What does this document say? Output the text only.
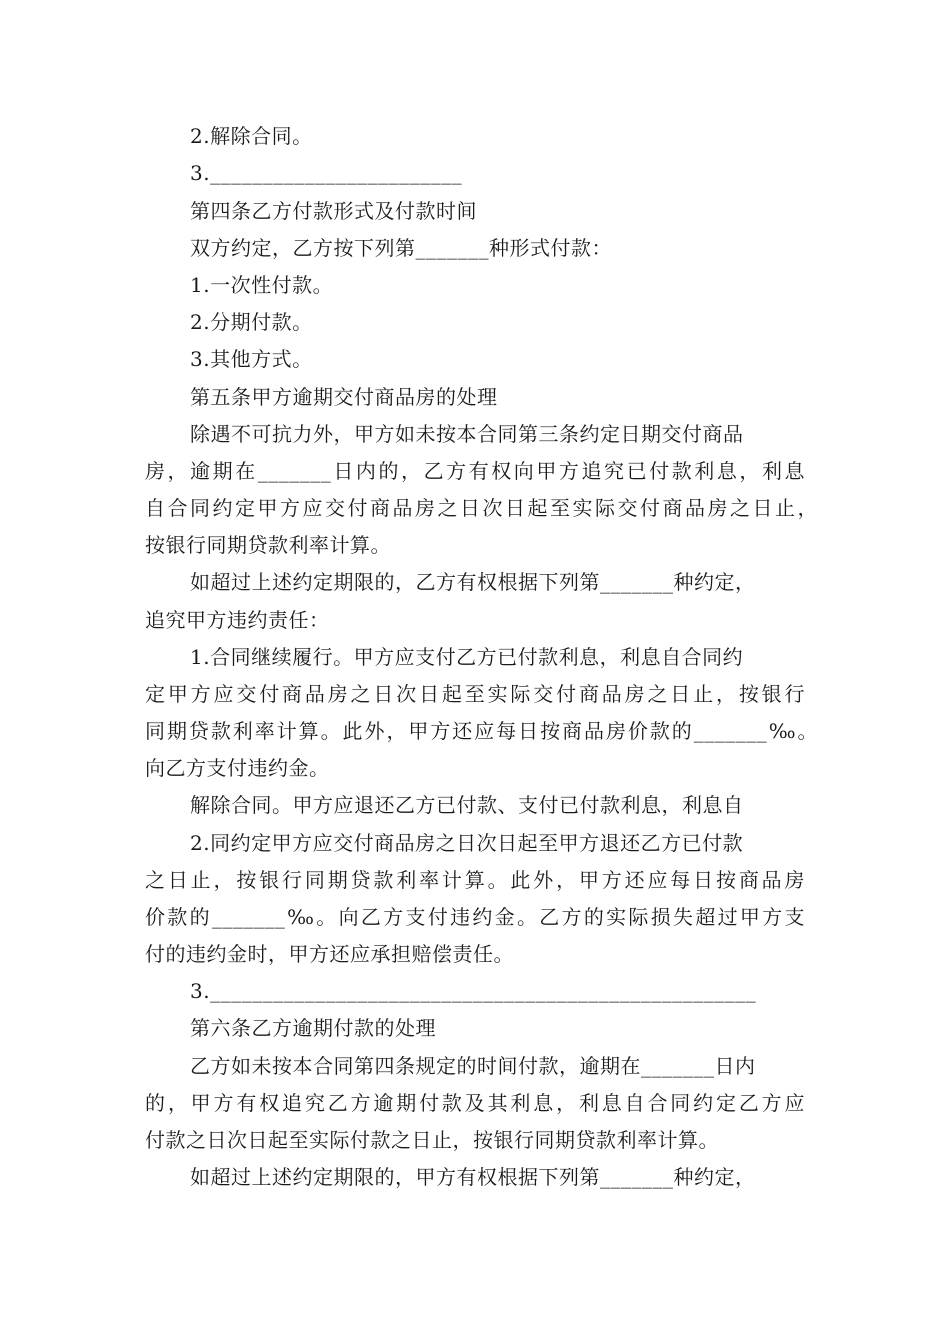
2.解除合同。
3.________________________
第四条乙方付款形式及付款时间
双方约定，乙方按下列第_______种形式付款：
1.一次性付款。
2.分期付款。
3.其他方式。
第五条甲方逾期交付商品房的处理
除遇不可抗力外，甲方如未按本合同第三条约定日期交付商品
房，逾期在_______日内的，乙方有权向甲方追究已付款利息，利息
自合同约定甲方应交付商品房之日次日起至实际交付商品房之日止，
按银行同期贷款利率计算。
如超过上述约定期限的，乙方有权根据下列第_______种约定，
追究甲方违约责任：
1.合同继续履行。甲方应支付乙方已付款利息，利息自合同约
定甲方应交付商品房之日次日起至实际交付商品房之日止，按银行
同期贷款利率计算。此外，甲方还应每日按商品房价款的_______‰。
向乙方支付违约金。
解除合同。甲方应退还乙方已付款、支付已付款利息，利息自
2.同约定甲方应交付商品房之日次日起至甲方退还乙方已付款
之日止，按银行同期贷款利率计算。此外，甲方还应每日按商品房
价款的_______‰。向乙方支付违约金。乙方的实际损失超过甲方支
付的违约金时，甲方还应承担赔偿责任。
3.____________________________________________________
第六条乙方逾期付款的处理
乙方如未按本合同第四条规定的时间付款，逾期在_______日内
的，甲方有权追究乙方逾期付款及其利息，利息自合同约定乙方应
付款之日次日起至实际付款之日止，按银行同期贷款利率计算。
如超过上述约定期限的，甲方有权根据下列第_______种约定，
